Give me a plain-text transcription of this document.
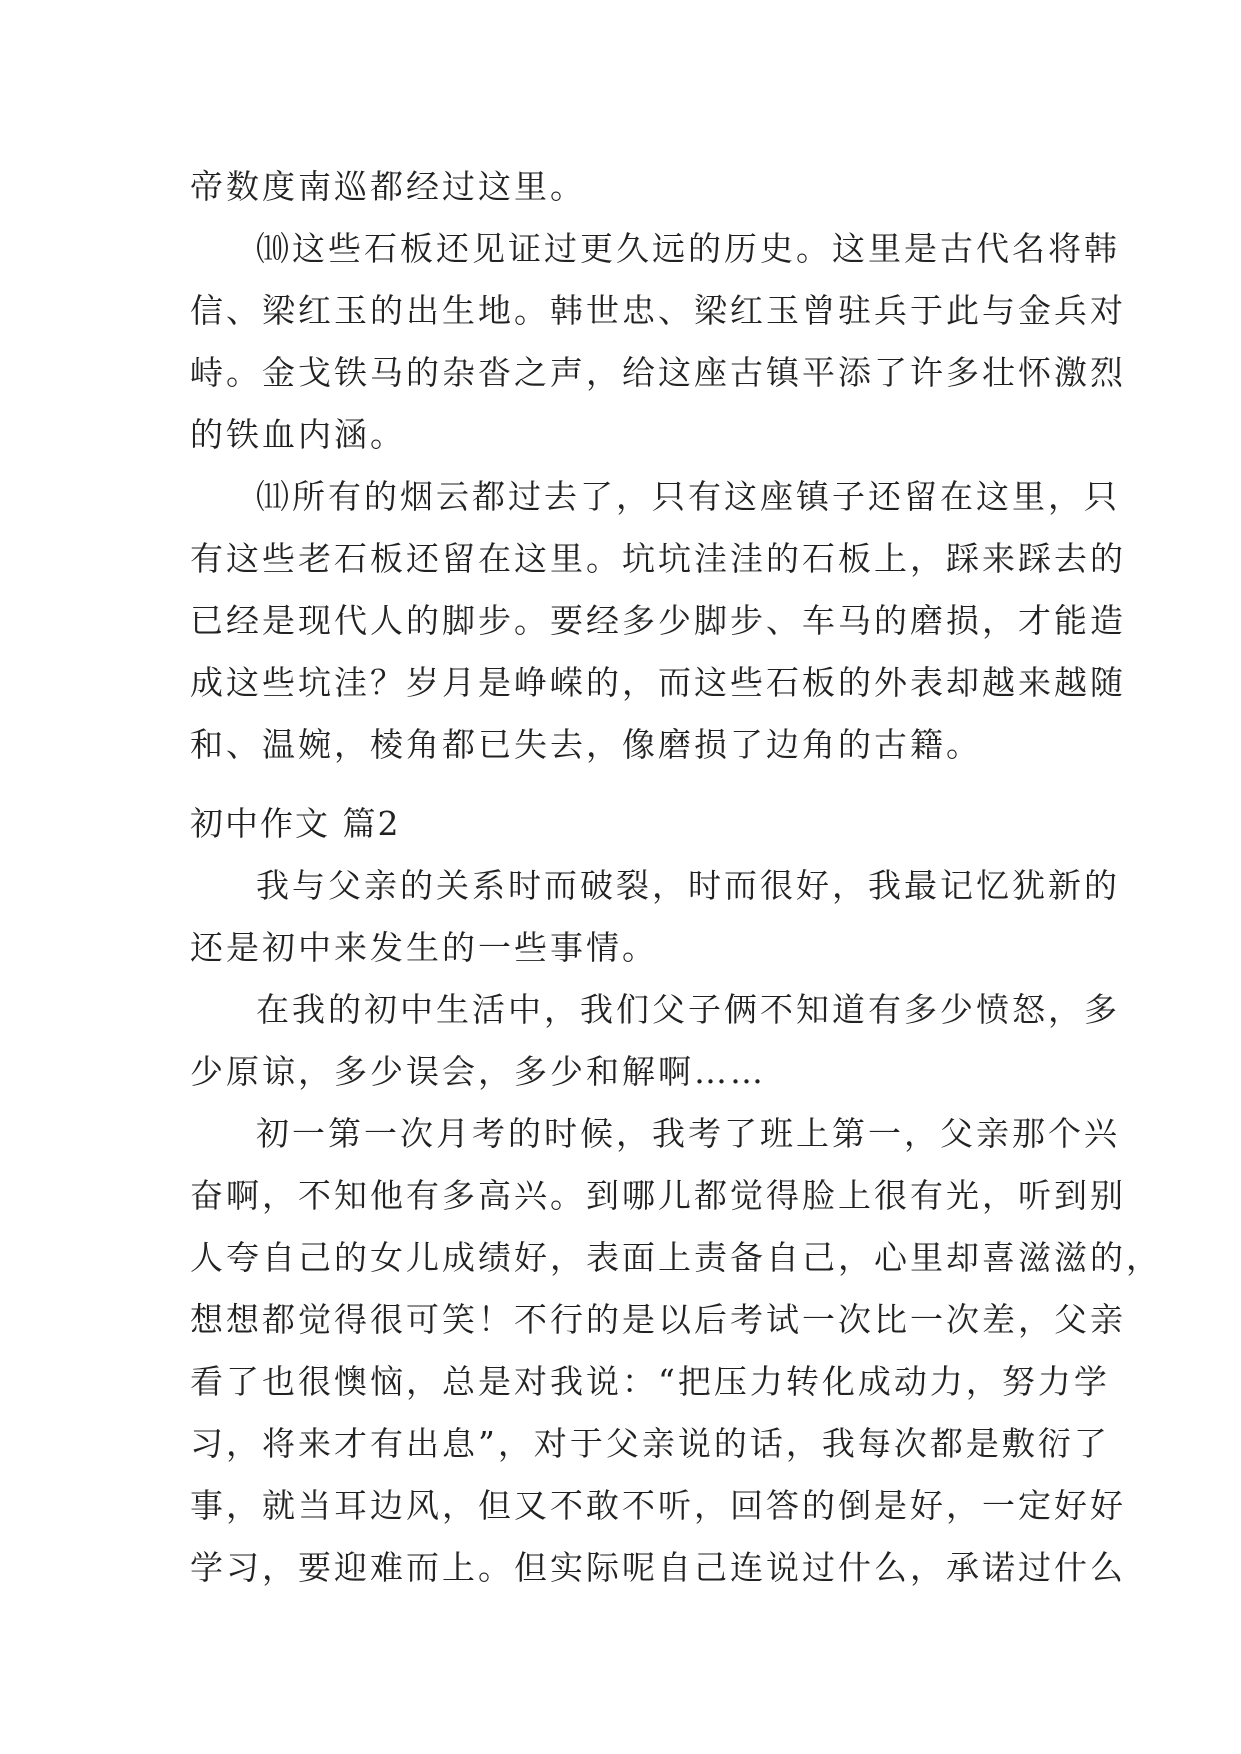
帝数度南巡都经过这里。
⑽这些石板还见证过更久远的历史。这里是古代名将韩
信、梁红玉的出生地。韩世忠、梁红玉曾驻兵于此与金兵对
峙。金戈铁马的杂沓之声，给这座古镇平添了许多壮怀激烈
的铁血内涵。
⑾所有的烟云都过去了，只有这座镇子还留在这里，只
有这些老石板还留在这里。坑坑洼洼的石板上，踩来踩去的
已经是现代人的脚步。要经多少脚步、车马的磨损，才能造
成这些坑洼？岁月是峥嵘的，而这些石板的外表却越来越随
和、温婉，棱角都已失去，像磨损了边角的古籍。
初中作文 篇2
我与父亲的关系时而破裂，时而很好，我最记忆犹新的
还是初中来发生的一些事情。
在我的初中生活中，我们父子俩不知道有多少愤怒，多
少原谅，多少误会，多少和解啊……
初一第一次月考的时候，我考了班上第一，父亲那个兴
奋啊，不知他有多高兴。到哪儿都觉得脸上很有光，听到别
人夸自己的女儿成绩好，表面上责备自己，心里却喜滋滋的，
想想都觉得很可笑！不行的是以后考试一次比一次差，父亲
看了也很懊恼，总是对我说：“把压力转化成动力，努力学
习，将来才有出息”，对于父亲说的话，我每次都是敷衍了
事，就当耳边风，但又不敢不听，回答的倒是好，一定好好
学习，要迎难而上。但实际呢自己连说过什么，承诺过什么
